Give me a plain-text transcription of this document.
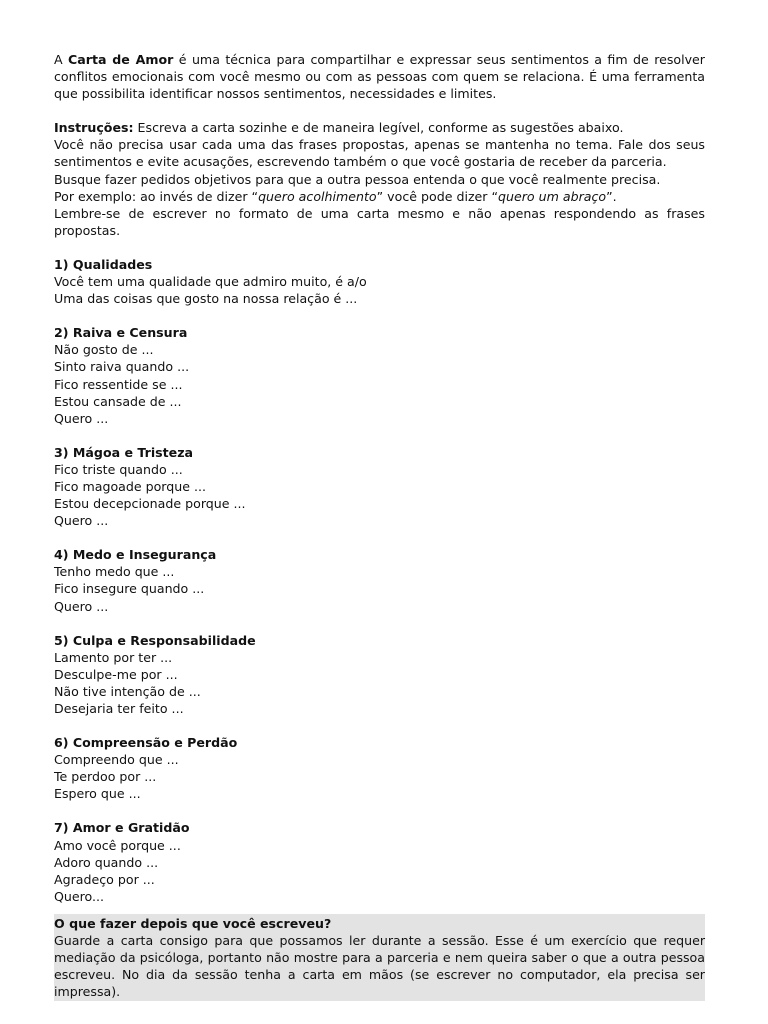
A Carta de Amor é uma técnica para compartilhar e expressar seus sentimentos a fim de resolver conflitos emocionais com você mesmo ou com as pessoas com quem se relaciona. É uma ferramenta que possibilita identificar nossos sentimentos, necessidades e limites.

Instruções: Escreva a carta sozinhe e de maneira legível, conforme as sugestões abaixo.

Você não precisa usar cada uma das frases propostas, apenas se mantenha no tema. Fale dos seus sentimentos e evite acusações, escrevendo também o que você gostaria de receber da parceria.

Busque fazer pedidos objetivos para que a outra pessoa entenda o que você realmente precisa.

Por exemplo: ao invés de dizer “quero acolhimento” você pode dizer “quero um abraço”.

Lembre-se de escrever no formato de uma carta mesmo e não apenas respondendo as frases propostas.

1) Qualidades
Você tem uma qualidade que admiro muito, é a/o
Uma das coisas que gosto na nossa relação é ...
2) Raiva e Censura
Não gosto de ...
Sinto raiva quando ...
Fico ressentide se ...
Estou cansade de ...
Quero ...
3) Mágoa e Tristeza
Fico triste quando ...
Fico magoade porque ...
Estou decepcionade porque ...
Quero ...
4) Medo e Insegurança
Tenho medo que ...
Fico insegure quando ...
Quero ...
5) Culpa e Responsabilidade
Lamento por ter ...
Desculpe-me por ...
Não tive intenção de ...
Desejaria ter feito ...
6) Compreensão e Perdão
Compreendo que ...
Te perdoo por ...
Espero que ...
7) Amor e Gratidão
Amo você porque ...
Adoro quando ...
Agradeço por ...
Quero...
O que fazer depois que você escreveu?
Guarde a carta consigo para que possamos ler durante a sessão. Esse é um exercício que requer mediação da psicóloga, portanto não mostre para a parceria e nem queira saber o que a outra pessoa escreveu. No dia da sessão tenha a carta em mãos (se escrever no computador, ela precisa ser impressa).
